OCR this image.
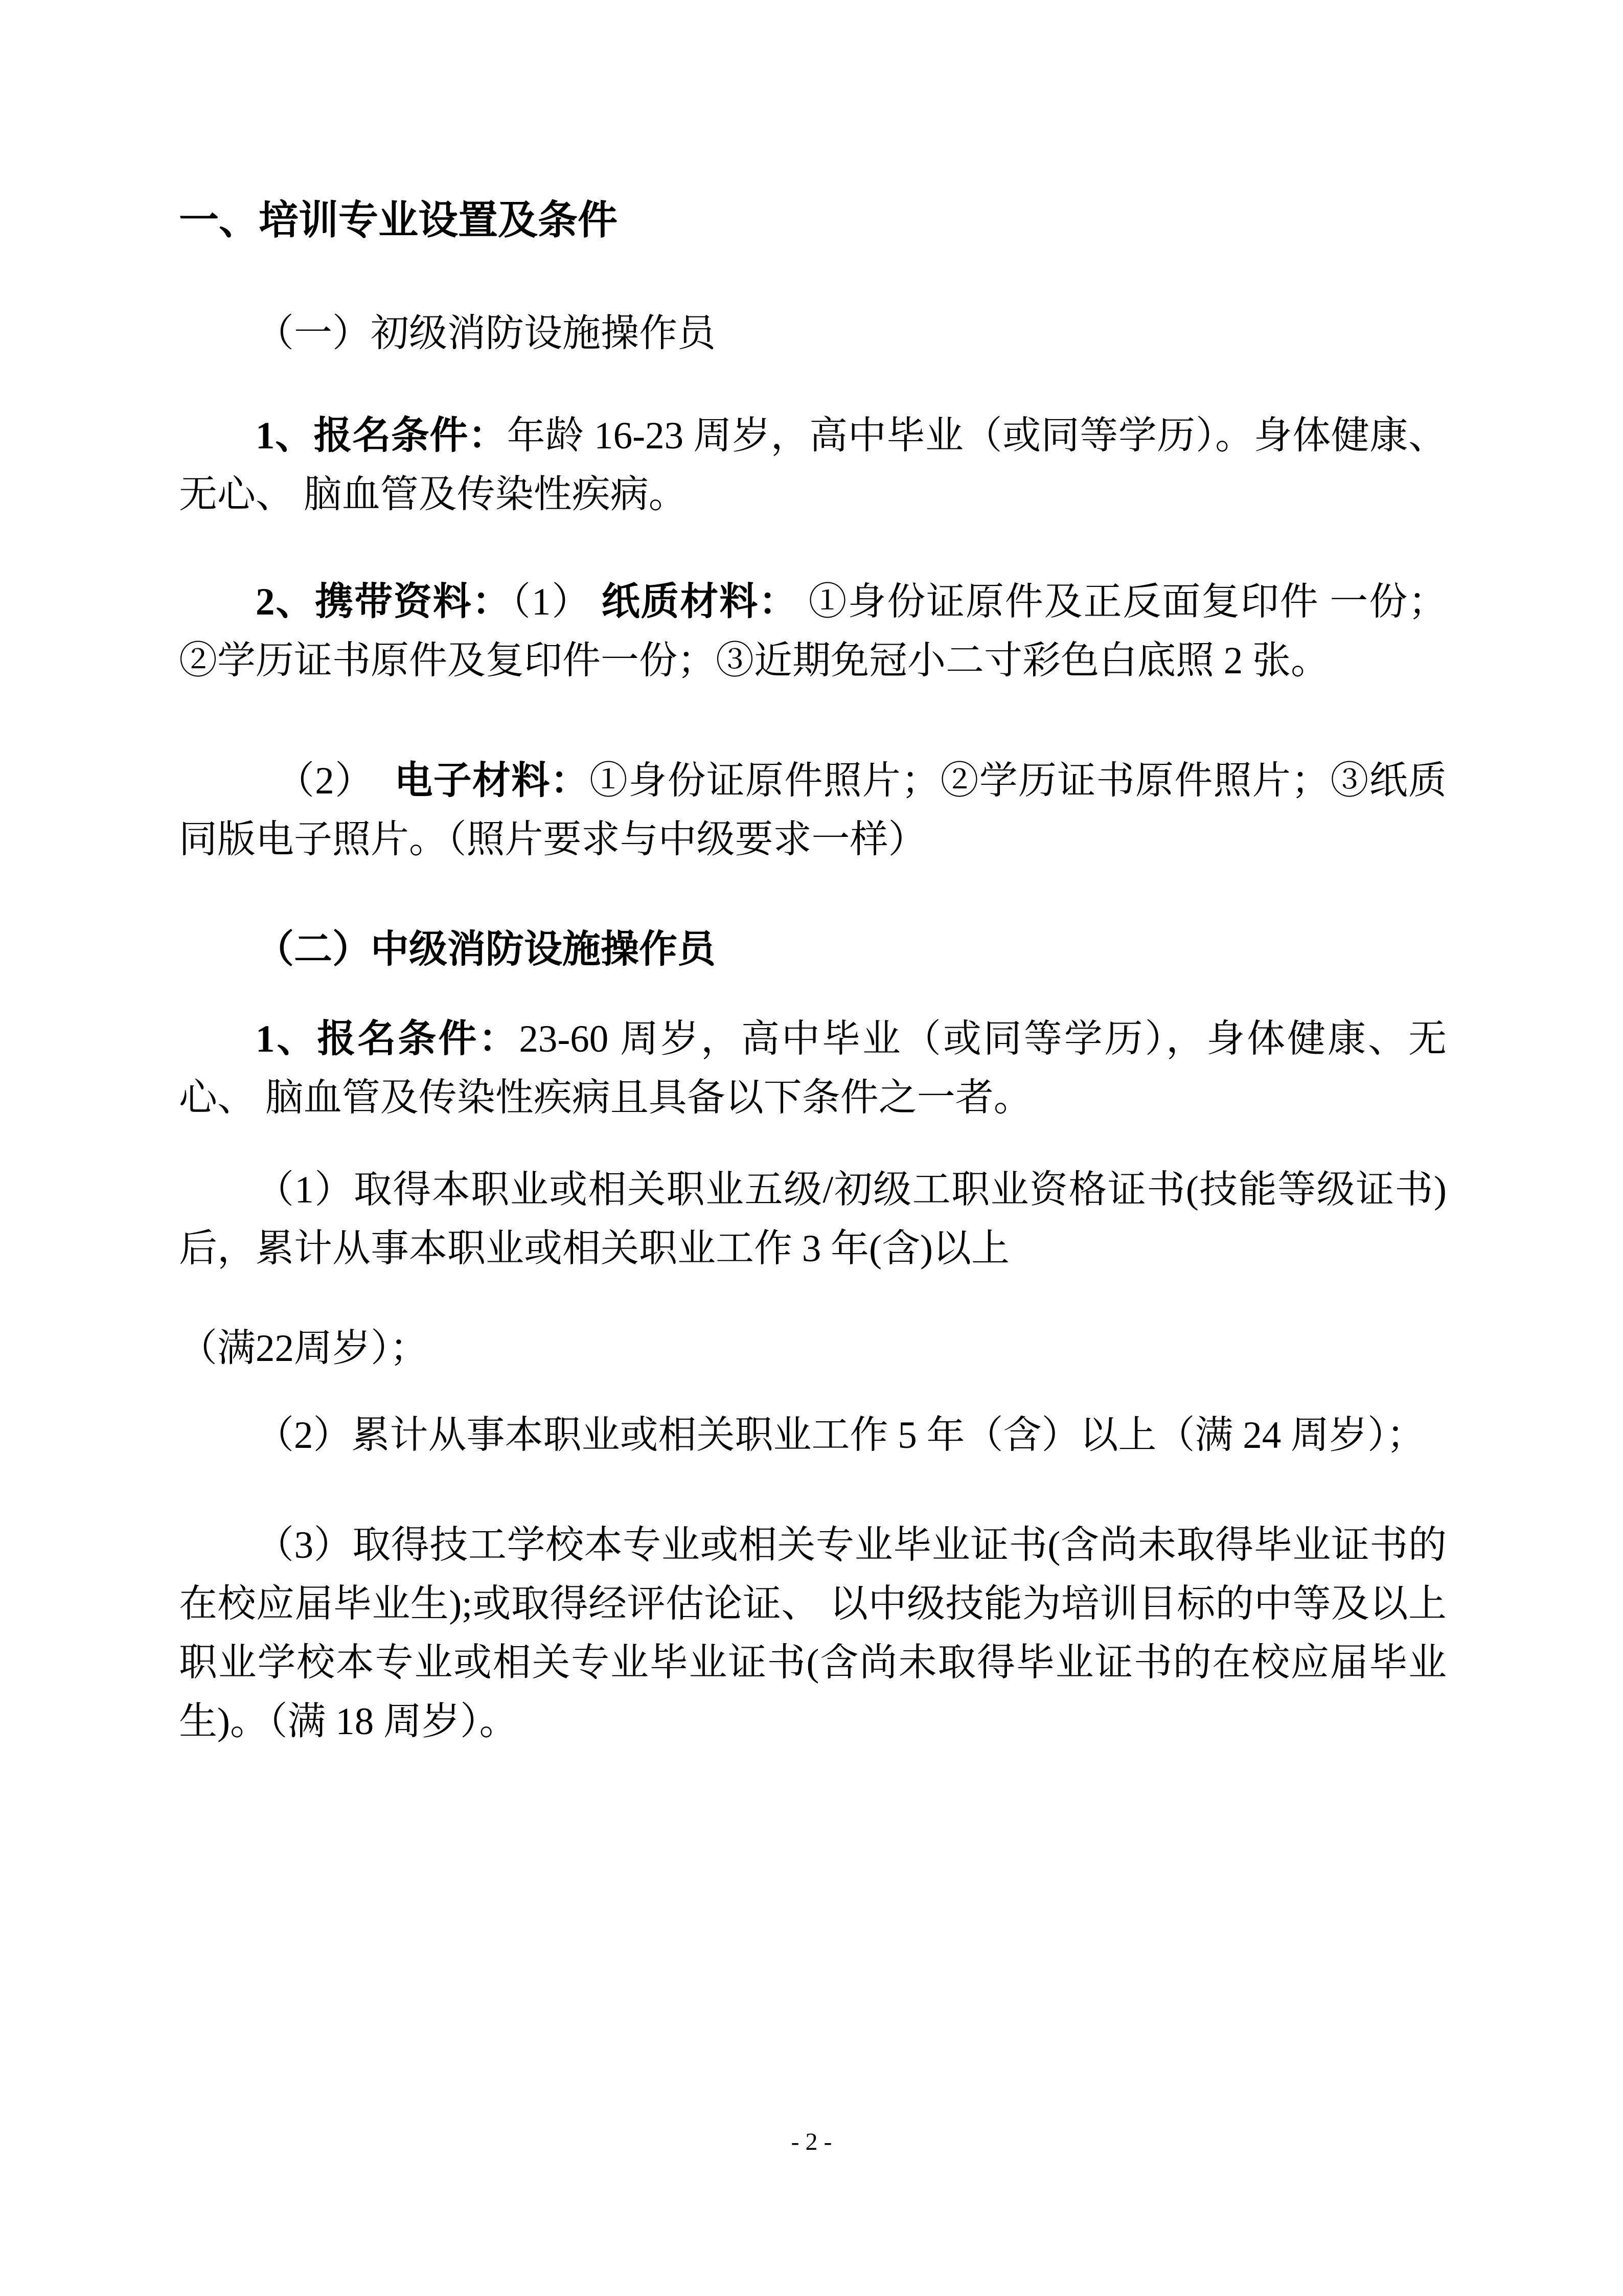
一、培训专业设置及条件

（一）初级消防设施操作员

1、报名条件：年龄 16-23 周岁，高中毕业（或同等学历）。身体健康、 无心、 脑血管及传染性疾病。

2、携带资料：（1） 纸质材料： ①身份证原件及正反面复印件 一份；②学历证书原件及复印件一份；③近期免冠小二寸彩色白底照 2 张。

（2）  电子材料：①身份证原件照片；②学历证书原件照片；③纸质同版电子照片。（照片要求与中级要求一样）

（二）中级消防设施操作员

1、报名条件：23-60 周岁，高中毕业（或同等学历），身体健康、无心、 脑血管及传染性疾病且具备以下条件之一者。

（1）取得本职业或相关职业五级/初级工职业资格证书(技能等级证书)后，累计从事本职业或相关职业工作 3 年(含)以上

（满22周岁）；

（2）累计从事本职业或相关职业工作 5 年（含）以上（满 24 周岁）；

（3）取得技工学校本专业或相关专业毕业证书(含尚未取得毕业证书的在校应届毕业生);或取得经评估论证、 以中级技能为培训目标的中等及以上职业学校本专业或相关专业毕业证书(含尚未取得毕业证书的在校应届毕业生)。（满 18 周岁）。

- 2 -
